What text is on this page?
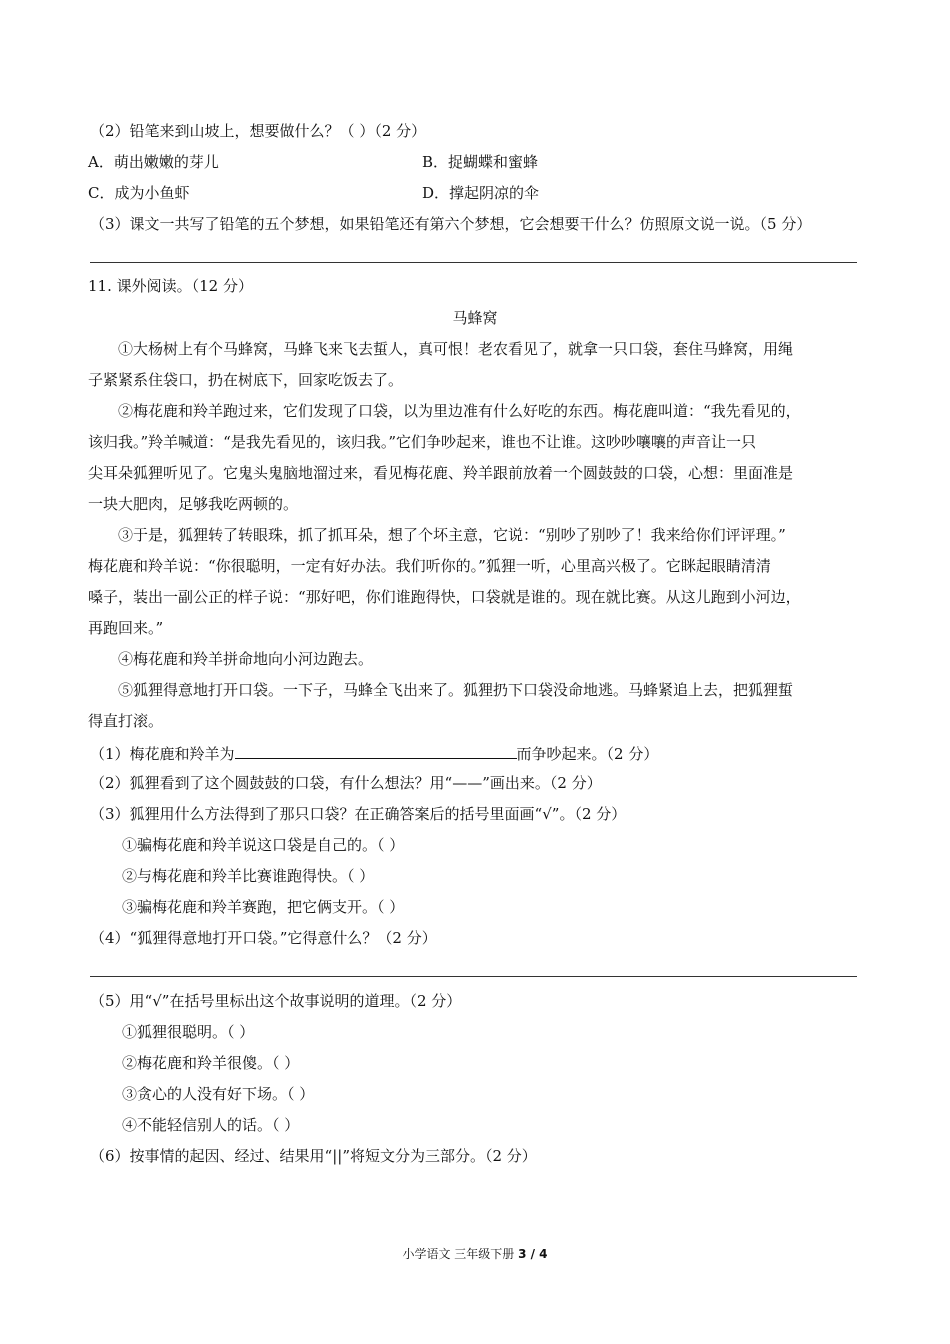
（2）铅笔来到山坡上，想要做什么？（ ）（2 分）
A．萌出嫩嫩的芽儿	B．捉蝴蝶和蜜蜂
C．成为小鱼虾	D．撑起阴凉的伞
（3）课文一共写了铅笔的五个梦想，如果铅笔还有第六个梦想，它会想要干什么？仿照原文说一说。（5 分）
11. 课外阅读。（12 分）
马蜂窝
①大杨树上有个马蜂窝，马蜂飞来飞去蜇人，真可恨！老农看见了，就拿一只口袋，套住马蜂窝，用绳
子紧紧系住袋口，扔在树底下，回家吃饭去了。
②梅花鹿和羚羊跑过来，它们发现了口袋，以为里边准有什么好吃的东西。梅花鹿叫道：“我先看见的，
该归我。”羚羊喊道：“是我先看见的，该归我。”它们争吵起来，谁也不让谁。这吵吵嚷嚷的声音让一只
尖耳朵狐狸听见了。它鬼头鬼脑地溜过来，看见梅花鹿、羚羊跟前放着一个圆鼓鼓的口袋，心想：里面准是
一块大肥肉，足够我吃两顿的。
③于是，狐狸转了转眼珠，抓了抓耳朵，想了个坏主意，它说：“别吵了别吵了！我来给你们评评理。”
梅花鹿和羚羊说：“你很聪明，一定有好办法。我们听你的。”狐狸一听，心里高兴极了。它眯起眼睛清清
嗓子，装出一副公正的样子说：“那好吧，你们谁跑得快，口袋就是谁的。现在就比赛。从这儿跑到小河边，
再跑回来。”
④梅花鹿和羚羊拼命地向小河边跑去。
⑤狐狸得意地打开口袋。一下子，马蜂全飞出来了。狐狸扔下口袋没命地逃。马蜂紧追上去，把狐狸蜇
得直打滚。
（1）梅花鹿和羚羊为	而争吵起来。（2 分）
（2）狐狸看到了这个圆鼓鼓的口袋，有什么想法？用“——”画出来。（2 分）
（3）狐狸用什么方法得到了那只口袋？在正确答案后的括号里面画“√”。（2 分）
①骗梅花鹿和羚羊说这口袋是自己的。（ ）
②与梅花鹿和羚羊比赛谁跑得快。（ ）
③骗梅花鹿和羚羊赛跑，把它俩支开。（ ）
（4）“狐狸得意地打开口袋。”它得意什么？（2 分）
（5）用“√”在括号里标出这个故事说明的道理。（2 分）
①狐狸很聪明。（ ）
②梅花鹿和羚羊很傻。（ ）
③贪心的人没有好下场。（ ）
④不能轻信别人的话。（ ）
（6）按事情的起因、经过、结果用“||”将短文分为三部分。（2 分）
小学语文 三年级下册 3 / 4
